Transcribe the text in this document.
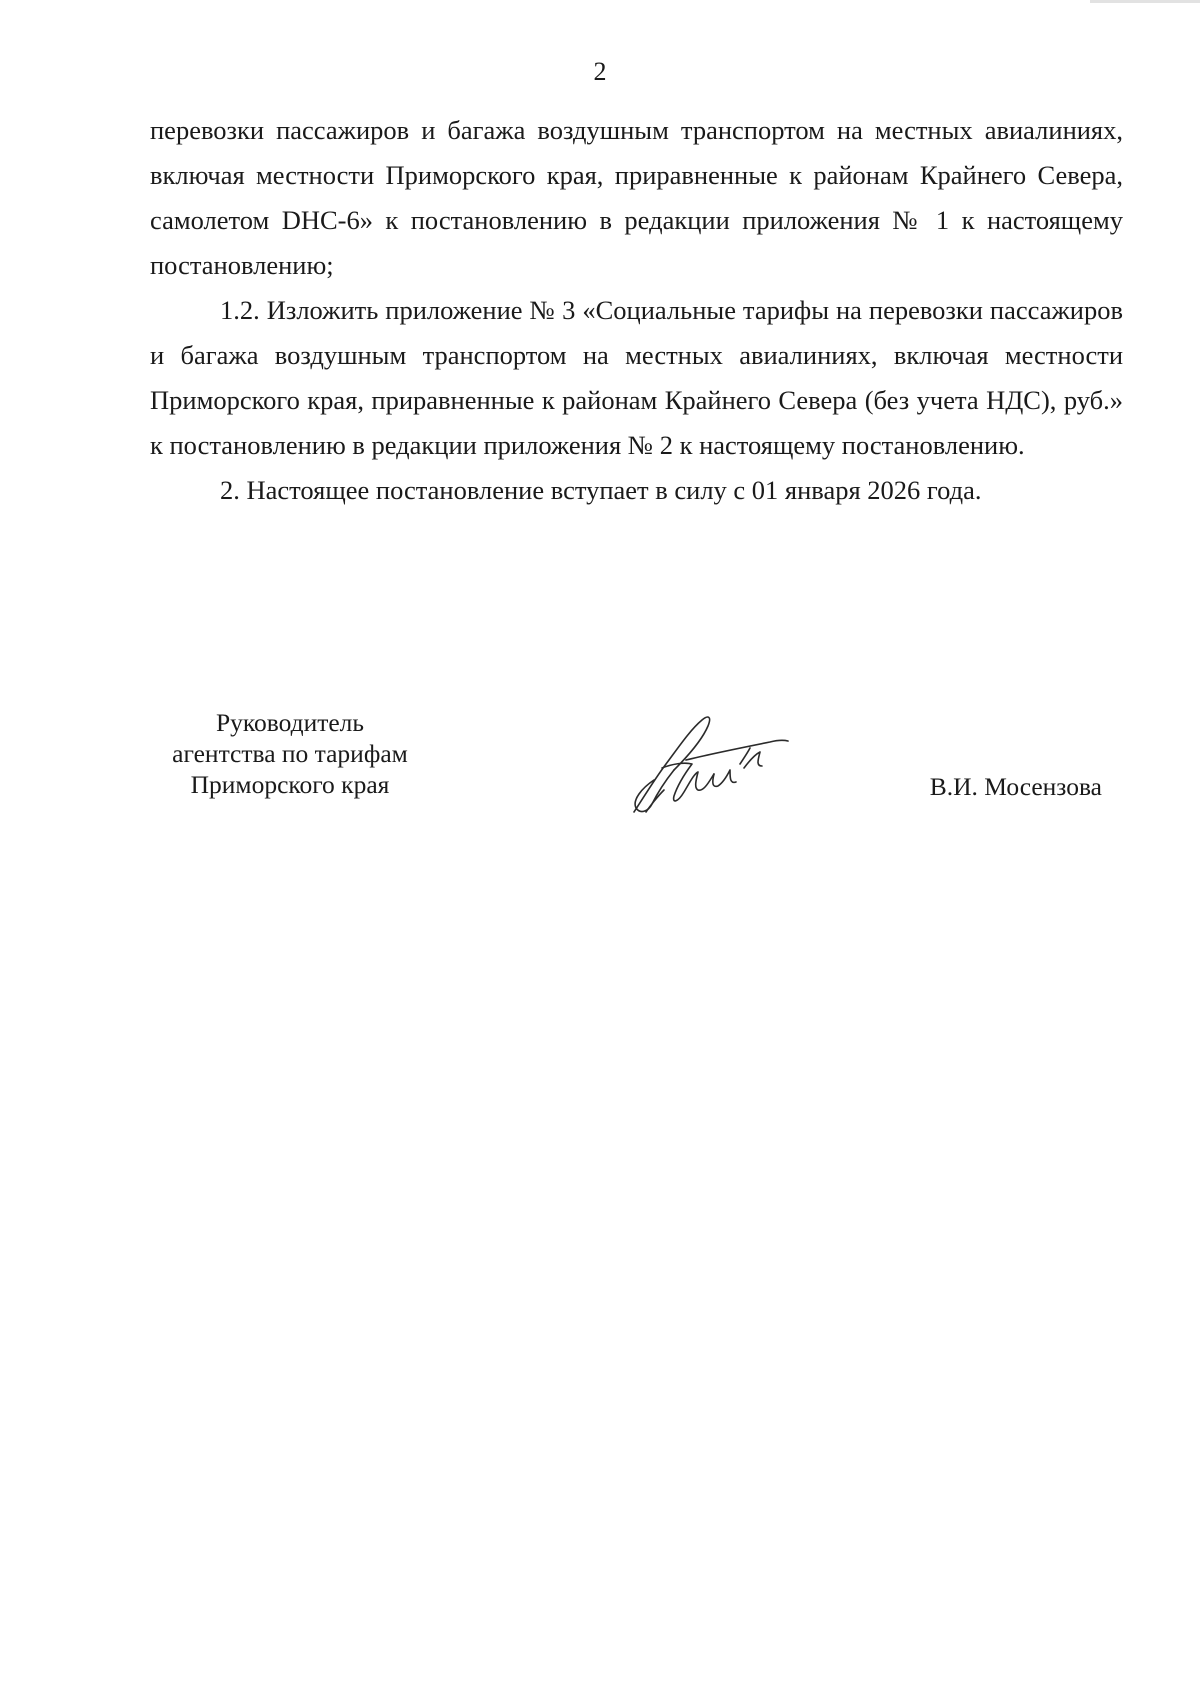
2

перевозки пассажиров и багажа воздушным транспортом на местных авиалиниях, включая местности Приморского края, приравненные к районам Крайнего Севера, самолетом DHC-6» к постановлению в редакции приложения № 1 к настоящему постановлению;

1.2. Изложить приложение № 3 «Социальные тарифы на перевозки пассажиров и багажа воздушным транспортом на местных авиалиниях, включая местности Приморского края, приравненные к районам Крайнего Севера (без учета НДС), руб.» к постановлению в редакции приложения № 2 к настоящему постановлению.

2. Настоящее постановление вступает в силу с 01 января 2026 года.

Руководитель
агентства по тарифам
Приморского края	В.И. Мосензова
